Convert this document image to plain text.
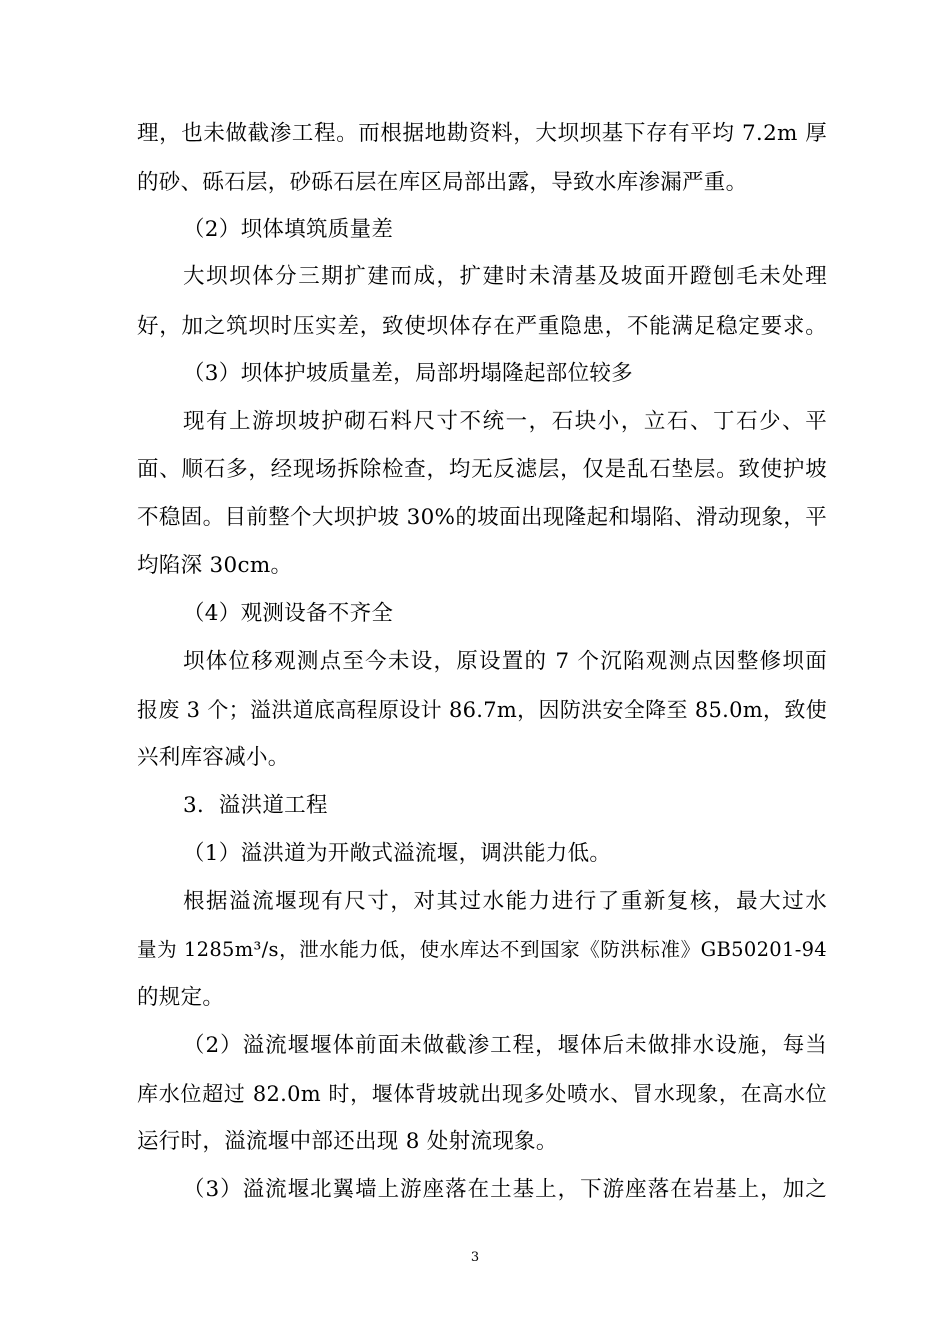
理，也未做截渗工程。而根据地勘资料，大坝坝基下存有平均 7.2m 厚
的砂、砾石层，砂砾石层在库区局部出露，导致水库渗漏严重。
（2）坝体填筑质量差
大坝坝体分三期扩建而成，扩建时未清基及坡面开蹬刨毛未处理
好，加之筑坝时压实差，致使坝体存在严重隐患，不能满足稳定要求。
（3）坝体护坡质量差，局部坍塌隆起部位较多
现有上游坝坡护砌石料尺寸不统一，石块小，立石、丁石少、平
面、顺石多，经现场拆除检查，均无反滤层，仅是乱石垫层。致使护坡
不稳固。目前整个大坝护坡 30%的坡面出现隆起和塌陷、滑动现象，平
均陷深 30cm。
（4）观测设备不齐全
坝体位移观测点至今未设，原设置的 7 个沉陷观测点因整修坝面
报废 3 个；溢洪道底高程原设计 86.7m，因防洪安全降至 85.0m，致使
兴利库容减小。
3．溢洪道工程
（1）溢洪道为开敞式溢流堰，调洪能力低。
根据溢流堰现有尺寸，对其过水能力进行了重新复核，最大过水
量为 1285m³/s，泄水能力低，使水库达不到国家《防洪标准》GB50201-94
的规定。
（2）溢流堰堰体前面未做截渗工程，堰体后未做排水设施，每当
库水位超过 82.0m 时，堰体背坡就出现多处喷水、冒水现象，在高水位
运行时，溢流堰中部还出现 8 处射流现象。
（3）溢流堰北翼墙上游座落在土基上，下游座落在岩基上，加之
3
